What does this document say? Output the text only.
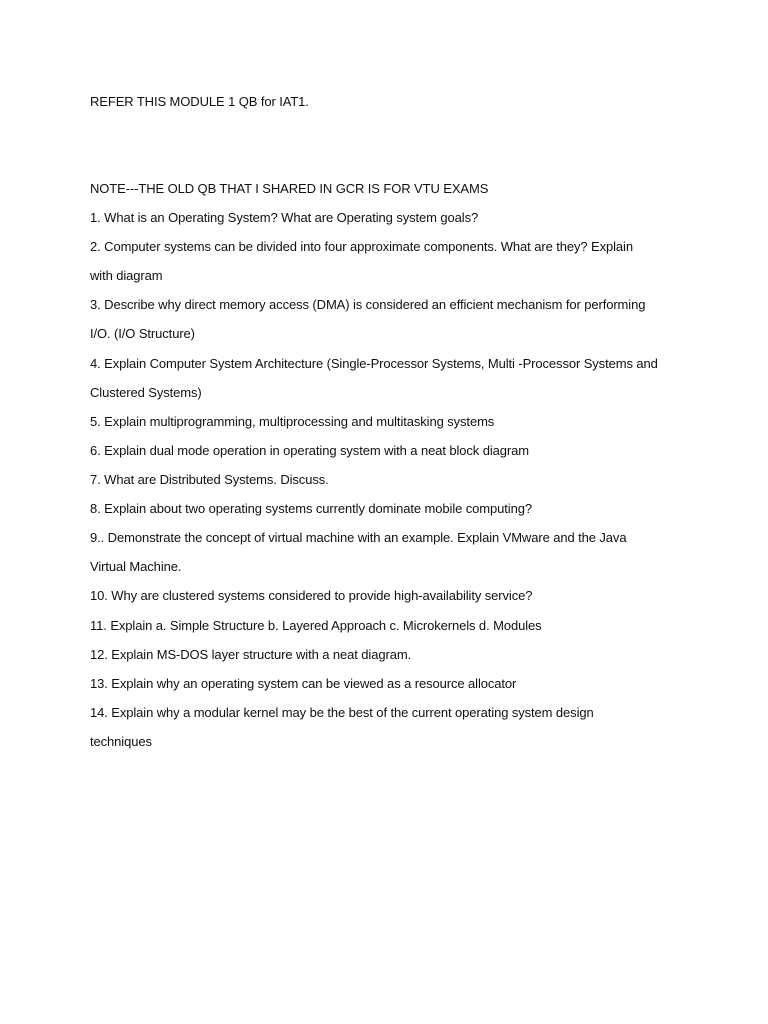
REFER THIS MODULE 1 QB for IAT1.
NOTE---THE OLD QB THAT I SHARED IN GCR IS FOR VTU EXAMS
1. What is an Operating System? What are Operating system goals?
2. Computer systems can be divided into four approximate components. What are they? Explain
with diagram
3. Describe why direct memory access (DMA) is considered an efficient mechanism for performing
I/O. (I/O Structure)
4. Explain Computer System Architecture (Single-Processor Systems, Multi -Processor Systems and
Clustered Systems)
5. Explain multiprogramming, multiprocessing and multitasking systems
6. Explain dual mode operation in operating system with a neat block diagram
7. What are Distributed Systems. Discuss.
8. Explain about two operating systems currently dominate mobile computing?
9.. Demonstrate the concept of virtual machine with an example. Explain VMware and the Java
Virtual Machine.
10. Why are clustered systems considered to provide high-availability service?
11. Explain a. Simple Structure b. Layered Approach c. Microkernels d. Modules
12. Explain MS-DOS layer structure with a neat diagram.
13. Explain why an operating system can be viewed as a resource allocator
14. Explain why a modular kernel may be the best of the current operating system design
techniques
